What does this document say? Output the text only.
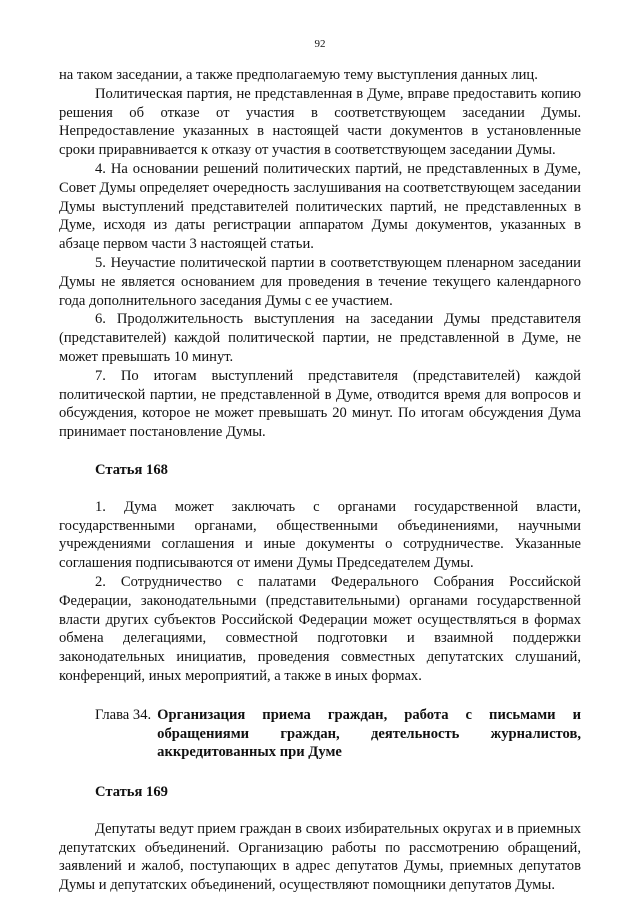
92

на таком заседании, а также предполагаемую тему выступления данных лиц.

Политическая партия, не представленная в Думе, вправе предоставить копию решения об отказе от участия в соответствующем заседании Думы. Непредоставление указанных в настоящей части документов в установленные сроки приравнивается к отказу от участия в соответствующем заседании Думы.

4. На основании решений политических партий, не представленных в Думе, Совет Думы определяет очередность заслушивания на соответствующем заседании Думы выступлений представителей политических партий, не представленных в Думе, исходя из даты регистрации аппаратом Думы документов, указанных в абзаце первом части 3 настоящей статьи.

5. Неучастие политической партии в соответствующем пленарном заседании Думы не является основанием для проведения в течение текущего календарного года дополнительного заседания Думы с ее участием.

6. Продолжительность выступления на заседании Думы представителя (представителей) каждой политической партии, не представленной в Думе, не может превышать 10 минут.

7. По итогам выступлений представителя (представителей) каждой политической партии, не представленной в Думе, отводится время для вопросов и обсуждения, которое не может превышать 20 минут. По итогам обсуждения Дума принимает постановление Думы.

Статья 168

1. Дума может заключать с органами государственной власти, государственными органами, общественными объединениями, научными учреждениями соглашения и иные документы о сотрудничестве. Указанные соглашения подписываются от имени Думы Председателем Думы.

2. Сотрудничество с палатами Федерального Собрания Российской Федерации, законодательными (представительными) органами государственной власти других субъектов Российской Федерации может осуществляться в формах обмена делегациями, совместной подготовки и взаимной поддержки законодательных инициатив, проведения совместных депутатских слушаний, конференций, иных мероприятий, а также в иных формах.

Глава 34. Организация приема граждан, работа с письмами и обращениями граждан, деятельность журналистов, аккредитованных при Думе

Статья 169

Депутаты ведут прием граждан в своих избирательных округах и в приемных депутатских объединений. Организацию работы по рассмотрению обращений, заявлений и жалоб, поступающих в адрес депутатов Думы, приемных депутатов Думы и депутатских объединений, осуществляют помощники депутатов Думы.
